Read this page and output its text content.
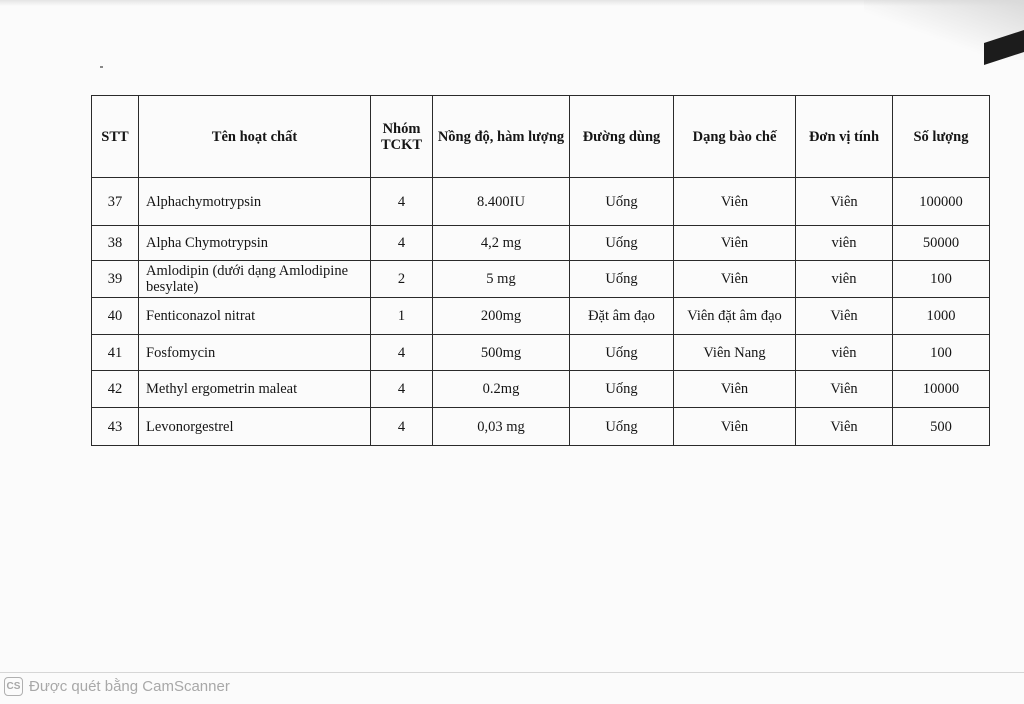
STT	Tên hoạt chất	Nhóm TCKT	Nồng độ, hàm lượng	Đường dùng	Dạng bào chế	Đơn vị tính	Số lượng
37	Alphachymotrypsin	4	8.400IU	Uống	Viên	Viên	100000
38	Alpha Chymotrypsin	4	4,2 mg	Uống	Viên	viên	50000
39	Amlodipin (dưới dạng Amlodipine besylate)	2	5 mg	Uống	Viên	viên	100
40	Fenticonazol nitrat	1	200mg	Đặt âm đạo	Viên đặt âm đạo	Viên	1000
41	Fosfomycin	4	500mg	Uống	Viên Nang	viên	100
42	Methyl ergometrin maleat	4	0.2mg	Uống	Viên	Viên	10000
43	Levonorgestrel	4	0,03 mg	Uống	Viên	Viên	500
CS Được quét bằng CamScanner
